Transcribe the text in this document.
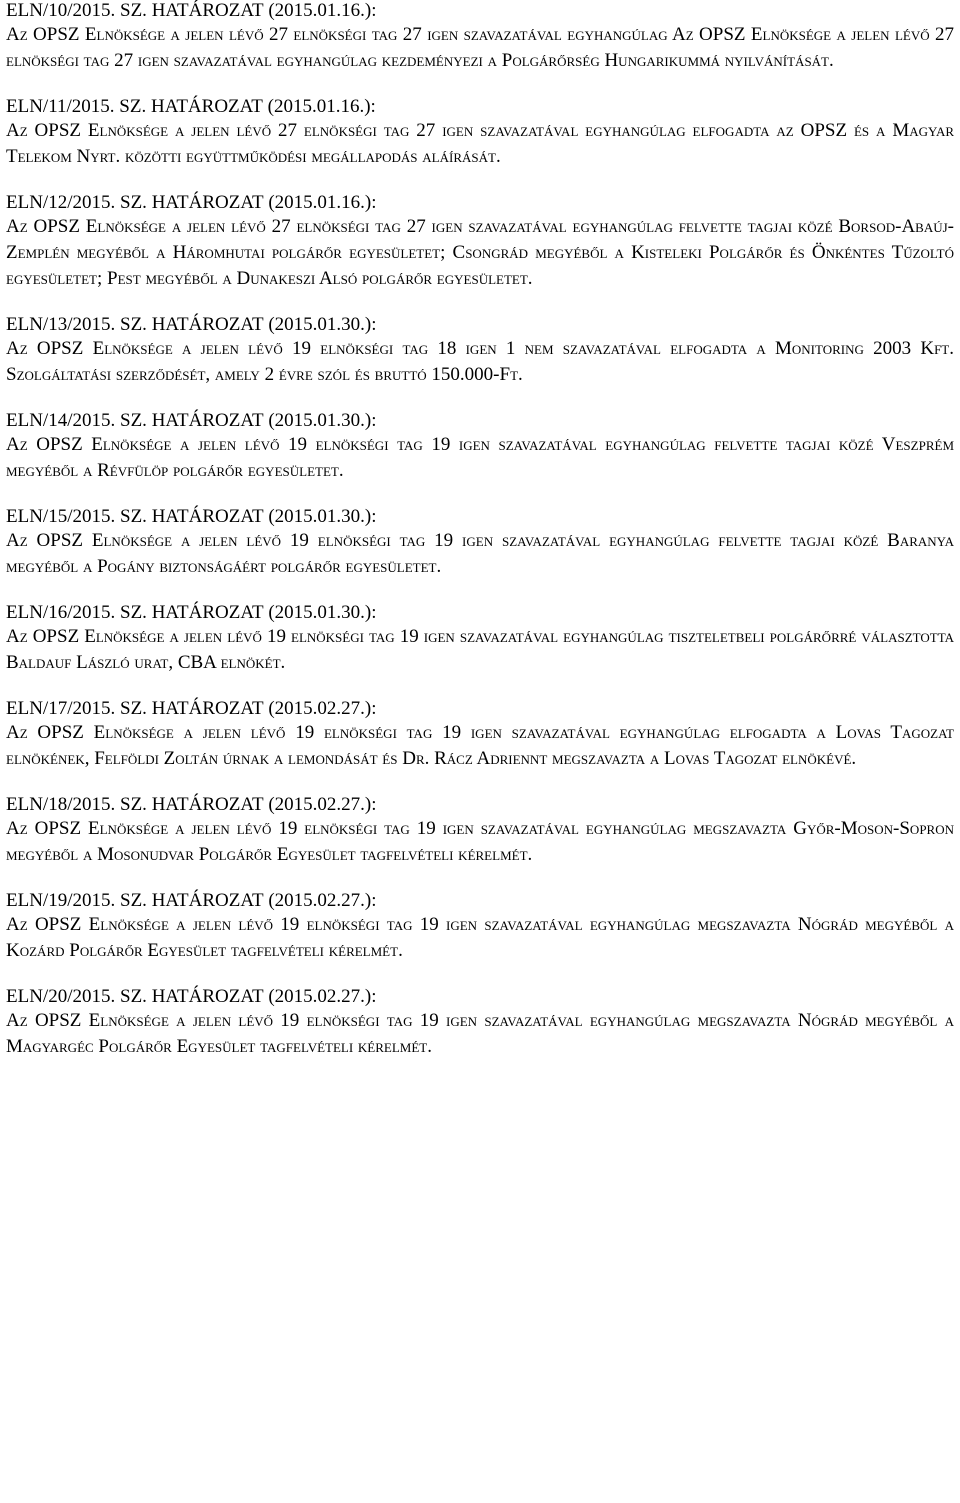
ELN/10/2015. SZ. HATÁROZAT (2015.01.16.):
Az OPSZ Elnöksége a jelen lévő 27 elnökségi tag 27 igen szavazatával egyhangúlag Az OPSZ Elnöksége a jelen lévő 27 elnökségi tag 27 igen szavazatával egyhangúlag kezdeményezi a Polgárőrség Hungarikummá nyilvánítását.
ELN/11/2015. SZ. HATÁROZAT (2015.01.16.):
Az OPSZ Elnöksége a jelen lévő 27 elnökségi tag 27 igen szavazatával egyhangúlag elfogadta az OPSZ és a Magyar Telekom Nyrt. közötti együttműködési megállapodás aláírását.
ELN/12/2015. SZ. HATÁROZAT (2015.01.16.):
Az OPSZ Elnöksége a jelen lévő 27 elnökségi tag 27 igen szavazatával egyhangúlag felvette tagjai közé Borsod-Abaúj-Zemplén megyéből a Háromhutai polgárőr egyesületet; Csongrád megyéből a Kisteleki Polgárőr és Önkéntes Tűzoltó egyesületet; Pest megyéből a Dunakeszi Alsó polgárőr egyesületet.
ELN/13/2015. SZ. HATÁROZAT (2015.01.30.):
Az OPSZ Elnöksége a jelen lévő 19 elnökségi tag 18 igen 1 nem szavazatával elfogadta a Monitoring 2003 Kft. Szolgáltatási szerződését, amely 2 évre szól és bruttó 150.000-Ft.
ELN/14/2015. SZ. HATÁROZAT (2015.01.30.):
Az OPSZ Elnöksége a jelen lévő 19 elnökségi tag 19 igen szavazatával egyhangúlag felvette tagjai közé Veszprém megyéből a Révfülöp polgárőr egyesületet.
ELN/15/2015. SZ. HATÁROZAT (2015.01.30.):
Az OPSZ Elnöksége a jelen lévő 19 elnökségi tag 19 igen szavazatával egyhangúlag felvette tagjai közé Baranya megyéből a Pogány biztonságáért polgárőr egyesületet.
ELN/16/2015. SZ. HATÁROZAT (2015.01.30.):
Az OPSZ Elnöksége a jelen lévő 19 elnökségi tag 19 igen szavazatával egyhangúlag tiszteletbeli polgárőrré választotta Baldauf László urat, CBA elnökét.
ELN/17/2015. SZ. HATÁROZAT (2015.02.27.):
Az OPSZ Elnöksége a jelen lévő 19 elnökségi tag 19 igen szavazatával egyhangúlag elfogadta a Lovas Tagozat elnökének, Felföldi Zoltán úrnak a lemondását és Dr. Rácz Adriennt megszavazta a Lovas Tagozat elnökévé.
ELN/18/2015. SZ. HATÁROZAT (2015.02.27.):
Az OPSZ Elnöksége a jelen lévő 19 elnökségi tag 19 igen szavazatával egyhangúlag megszavazta Győr-Moson-Sopron megyéből a Mosonudvar Polgárőr Egyesület tagfelvételi kérelmét.
ELN/19/2015. SZ. HATÁROZAT (2015.02.27.):
Az OPSZ Elnöksége a jelen lévő 19 elnökségi tag 19 igen szavazatával egyhangúlag megszavazta Nógrád megyéből a Kozárd Polgárőr Egyesület tagfelvételi kérelmét.
ELN/20/2015. SZ. HATÁROZAT (2015.02.27.):
Az OPSZ Elnöksége a jelen lévő 19 elnökségi tag 19 igen szavazatával egyhangúlag megszavazta Nógrád megyéből a Magyargéc Polgárőr Egyesület tagfelvételi kérelmét.
